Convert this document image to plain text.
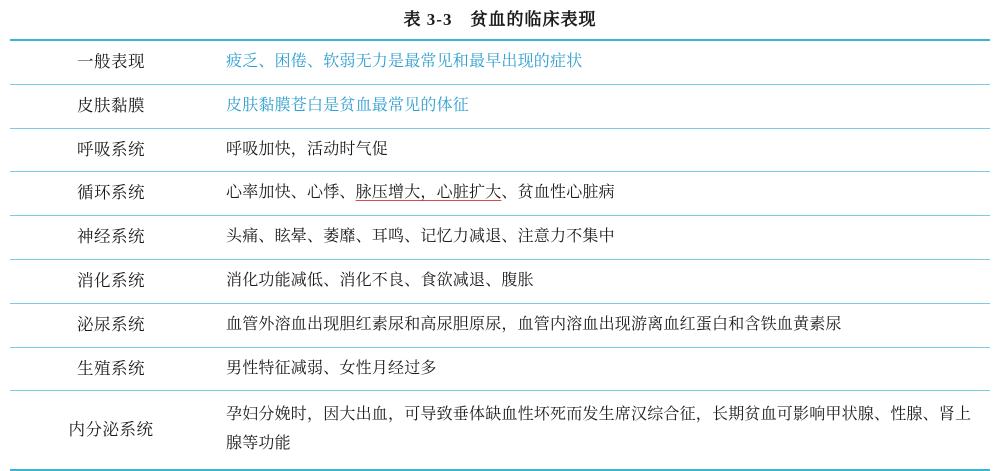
表 3-3 贫血的临床表现
一般表现	疲乏、困倦、软弱无力是最常见和最早出现的症状

皮肤黏膜	皮肤黏膜苍白是贫血最常见的体征

呼吸系统	呼吸加快，活动时气促

循环系统	心率加快、心悸、脉压增大，心脏扩大、贫血性心脏病
神经系统	头痛、眩晕、萎靡、耳鸣、记忆力减退、注意力不集中

消化系统	消化功能减低、消化不良、食欲减退、腹胀

泌尿系统	血管外溶血出现胆红素尿和高尿胆原尿，血管内溶血出现游离血红蛋白和含铁血黄素尿

生殖系统	男性特征减弱、女性月经过多

内分泌系统	孕妇分娩时，因大出血，可导致垂体缺血性坏死而发生席汉综合征，长期贫血可影响甲状腺、性腺、肾上
腺等功能
